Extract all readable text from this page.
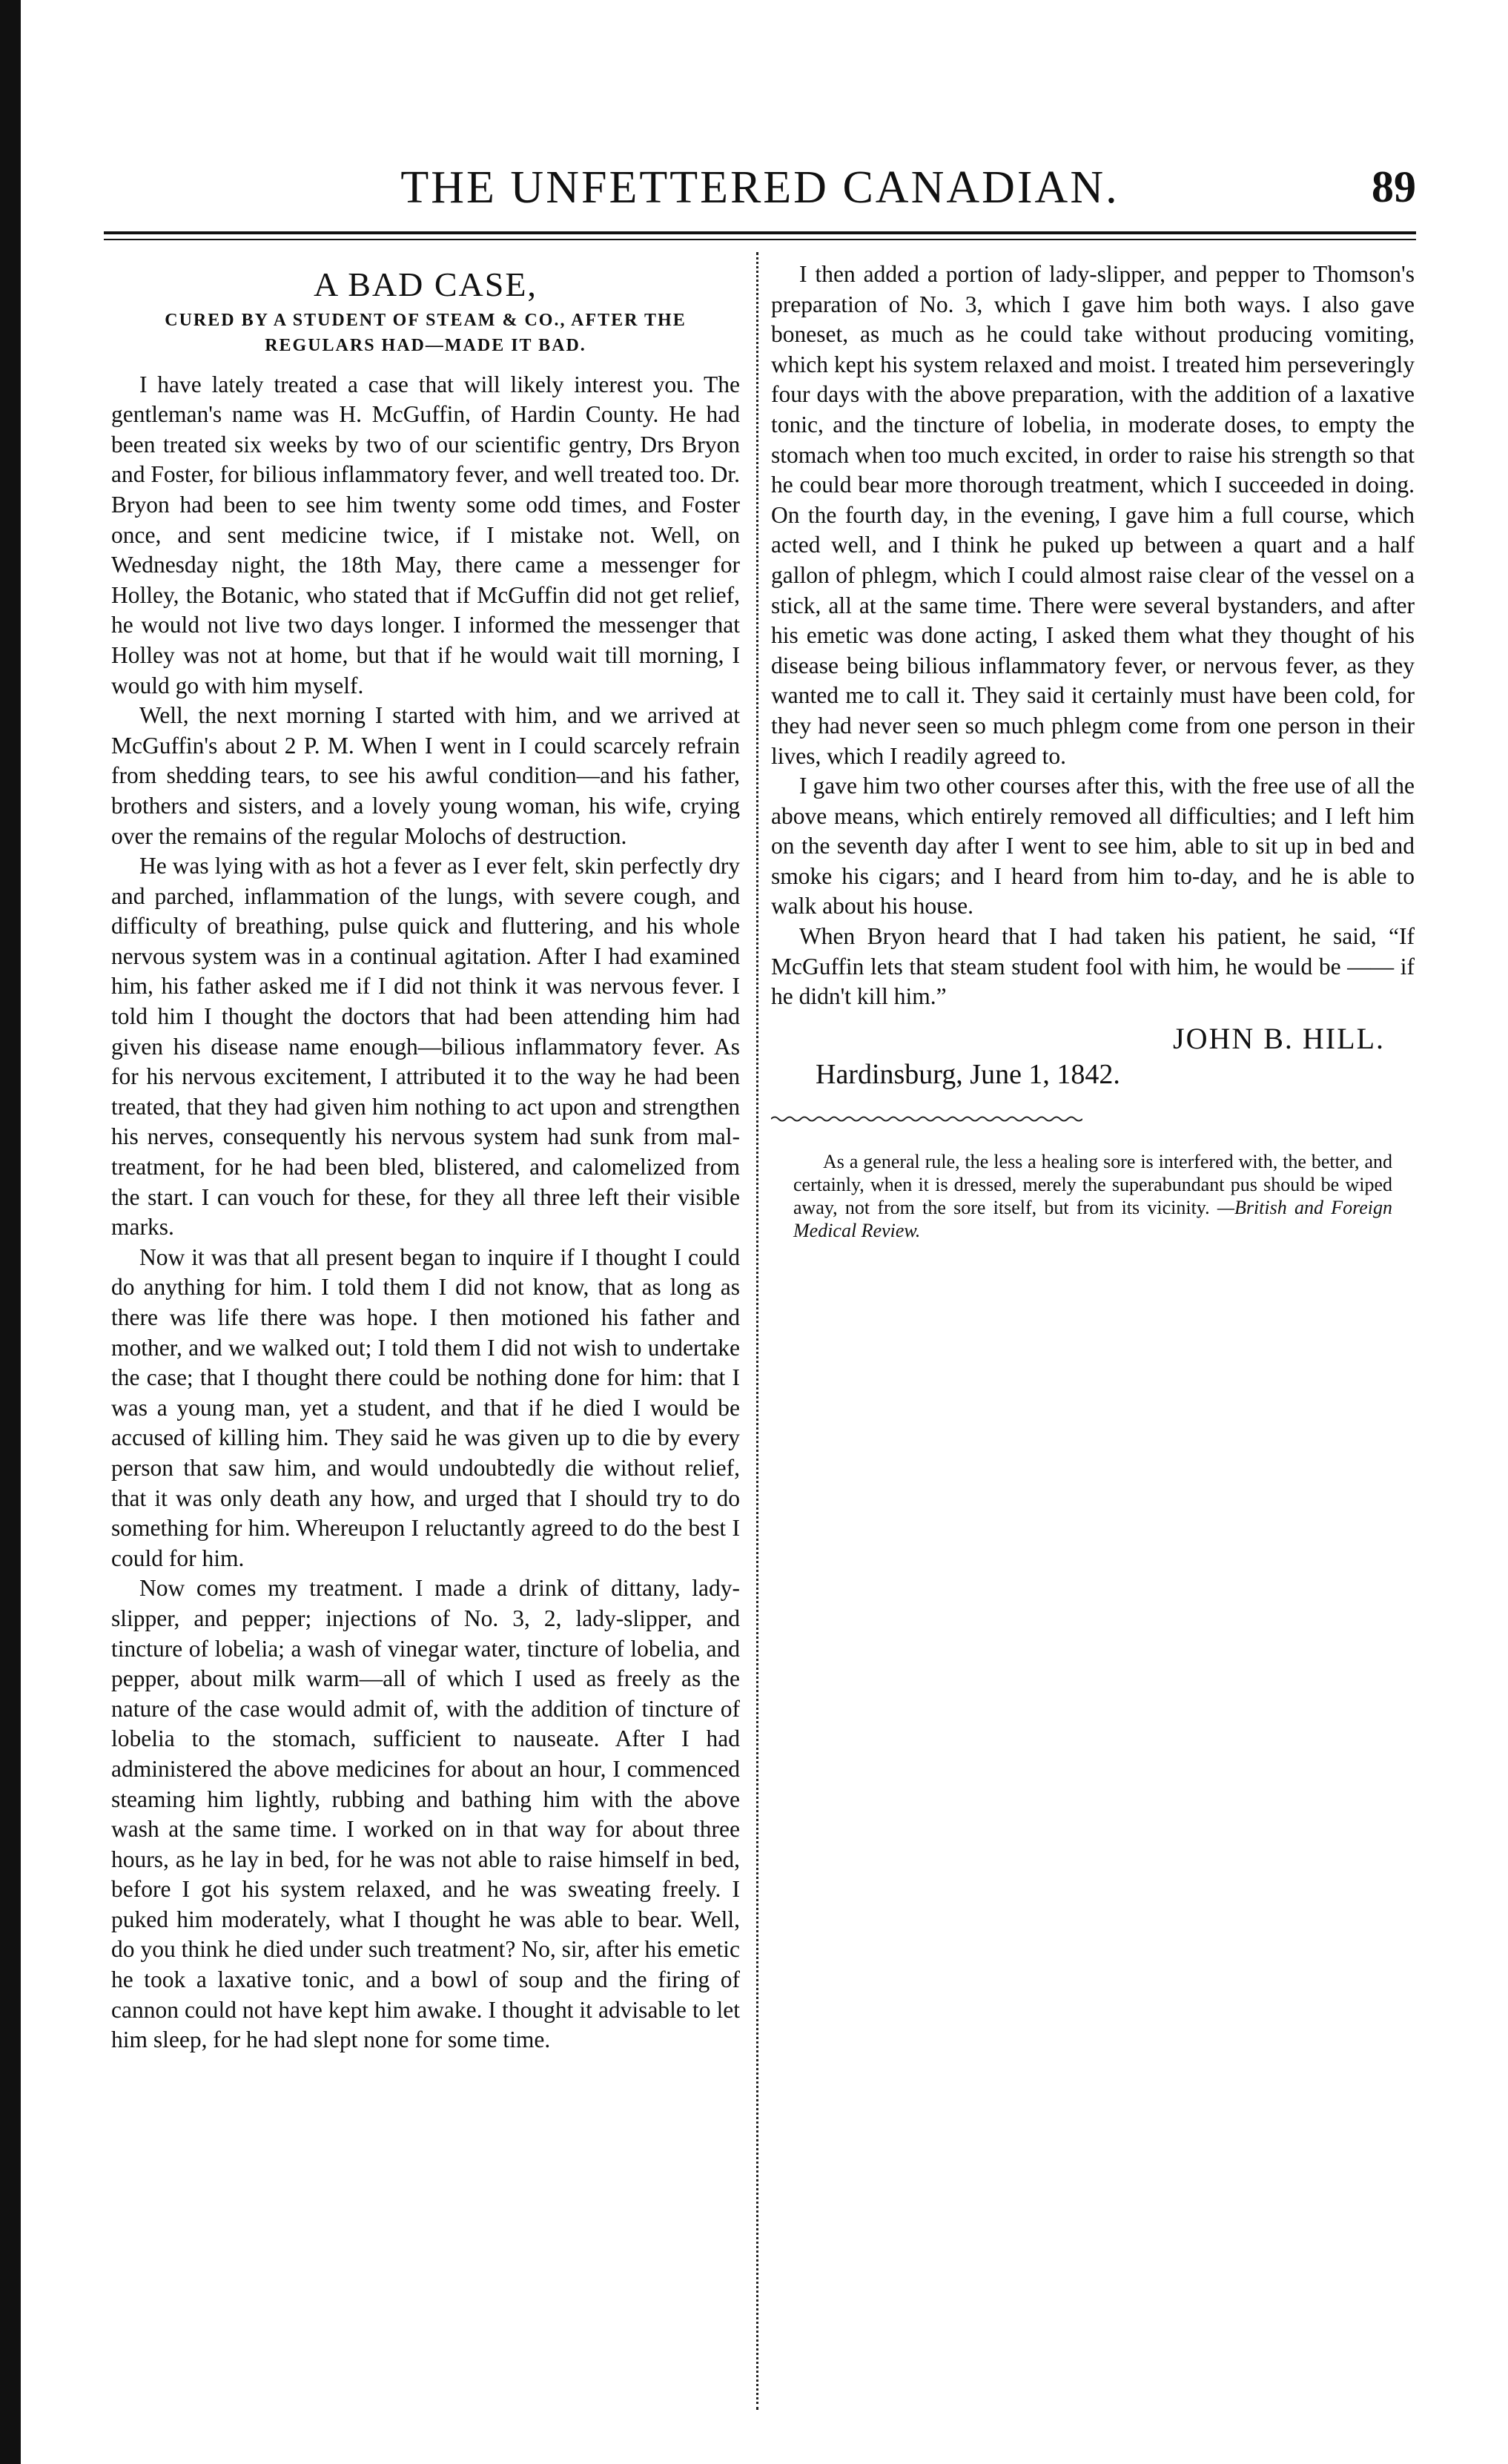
THE UNFETTERED CANADIAN.	89
A BAD CASE,
CURED BY A STUDENT OF STEAM & CO., AFTER THE REGULARS HAD—MADE IT BAD.

I have lately treated a case that will likely interest you. The gentleman's name was H. McGuffin, of Hardin County. He had been treated six weeks by two of our scientific gentry, Drs Bryon and Foster, for bilious inflammatory fever, and well treated too. Dr. Bryon had been to see him twenty some odd times, and Foster once, and sent medicine twice, if I mistake not. Well, on Wednesday night, the 18th May, there came a messenger for Holley, the Botanic, who stated that if McGuffin did not get relief, he would not live two days longer. I informed the messenger that Holley was not at home, but that if he would wait till morning, I would go with him myself.

Well, the next morning I started with him, and we arrived at McGuffin's about 2 P. M. When I went in I could scarcely refrain from shedding tears, to see his awful condition—and his father, brothers and sisters, and a lovely young woman, his wife, crying over the remains of the regular Molochs of destruction.

He was lying with as hot a fever as I ever felt, skin perfectly dry and parched, inflammation of the lungs, with severe cough, and difficulty of breathing, pulse quick and fluttering, and his whole nervous system was in a continual agitation. After I had examined him, his father asked me if I did not think it was nervous fever. I told him I thought the doctors that had been attending him had given his disease name enough—bilious inflammatory fever. As for his nervous excitement, I attributed it to the way he had been treated, that they had given him nothing to act upon and strengthen his nerves, consequently his nervous system had sunk from mal-treatment, for he had been bled, blistered, and calomelized from the start. I can vouch for these, for they all three left their visible marks.

Now it was that all present began to inquire if I thought I could do anything for him. I told them I did not know, that as long as there was life there was hope. I then motioned his father and mother, and we walked out; I told them I did not wish to undertake the case; that I thought there could be nothing done for him: that I was a young man, yet a student, and that if he died I would be accused of killing him. They said he was given up to die by every person that saw him, and would undoubtedly die without relief, that it was only death any how, and urged that I should try to do something for him. Whereupon I reluctantly agreed to do the best I could for him.

Now comes my treatment. I made a drink of dittany, lady-slipper, and pepper; injections of No. 3, 2, lady-slipper, and tincture of lobelia; a wash of vinegar water, tincture of lobelia, and pepper, about milk warm—all of which I used as freely as the nature of the case would admit of, with the addition of tincture of lobelia to the stomach, sufficient to nauseate. After I had administered the above medicines for about an hour, I commenced steaming him lightly, rubbing and bathing him with the above wash at the same time. I worked on in that way for about three hours, as he lay in bed, for he was not able to raise himself in bed, before I got his system relaxed, and he was sweating freely. I puked him moderately, what I thought he was able to bear. Well, do you think he died under such treatment? No, sir, after his emetic he took a laxative tonic, and a bowl of soup and the firing of cannon could not have kept him awake. I thought it advisable to let him sleep, for he had slept none for some time.

I then added a portion of lady-slipper, and pepper to Thomson's preparation of No. 3, which I gave him both ways. I also gave boneset, as much as he could take without producing vomiting, which kept his system relaxed and moist. I treated him perseveringly four days with the above preparation, with the addition of a laxative tonic, and the tincture of lobelia, in moderate doses, to empty the stomach when too much excited, in order to raise his strength so that he could bear more thorough treatment, which I succeeded in doing. On the fourth day, in the evening, I gave him a full course, which acted well, and I think he puked up between a quart and a half gallon of phlegm, which I could almost raise clear of the vessel on a stick, all at the same time. There were several bystanders, and after his emetic was done acting, I asked them what they thought of his disease being bilious inflammatory fever, or nervous fever, as they wanted me to call it. They said it certainly must have been cold, for they had never seen so much phlegm come from one person in their lives, which I readily agreed to.

I gave him two other courses after this, with the free use of all the above means, which entirely removed all difficulties; and I left him on the seventh day after I went to see him, able to sit up in bed and smoke his cigars; and I heard from him to-day, and he is able to walk about his house.

When Bryon heard that I had taken his patient, he said, “If McGuffin lets that steam student fool with him, he would be —— if he didn't kill him.”

JOHN B. HILL.
Hardinsburg, June 1, 1842.
As a general rule, the less a healing sore is interfered with, the better, and certainly, when it is dressed, merely the superabundant pus should be wiped away, not from the sore itself, but from its vicinity. —British and Foreign Medical Review.
